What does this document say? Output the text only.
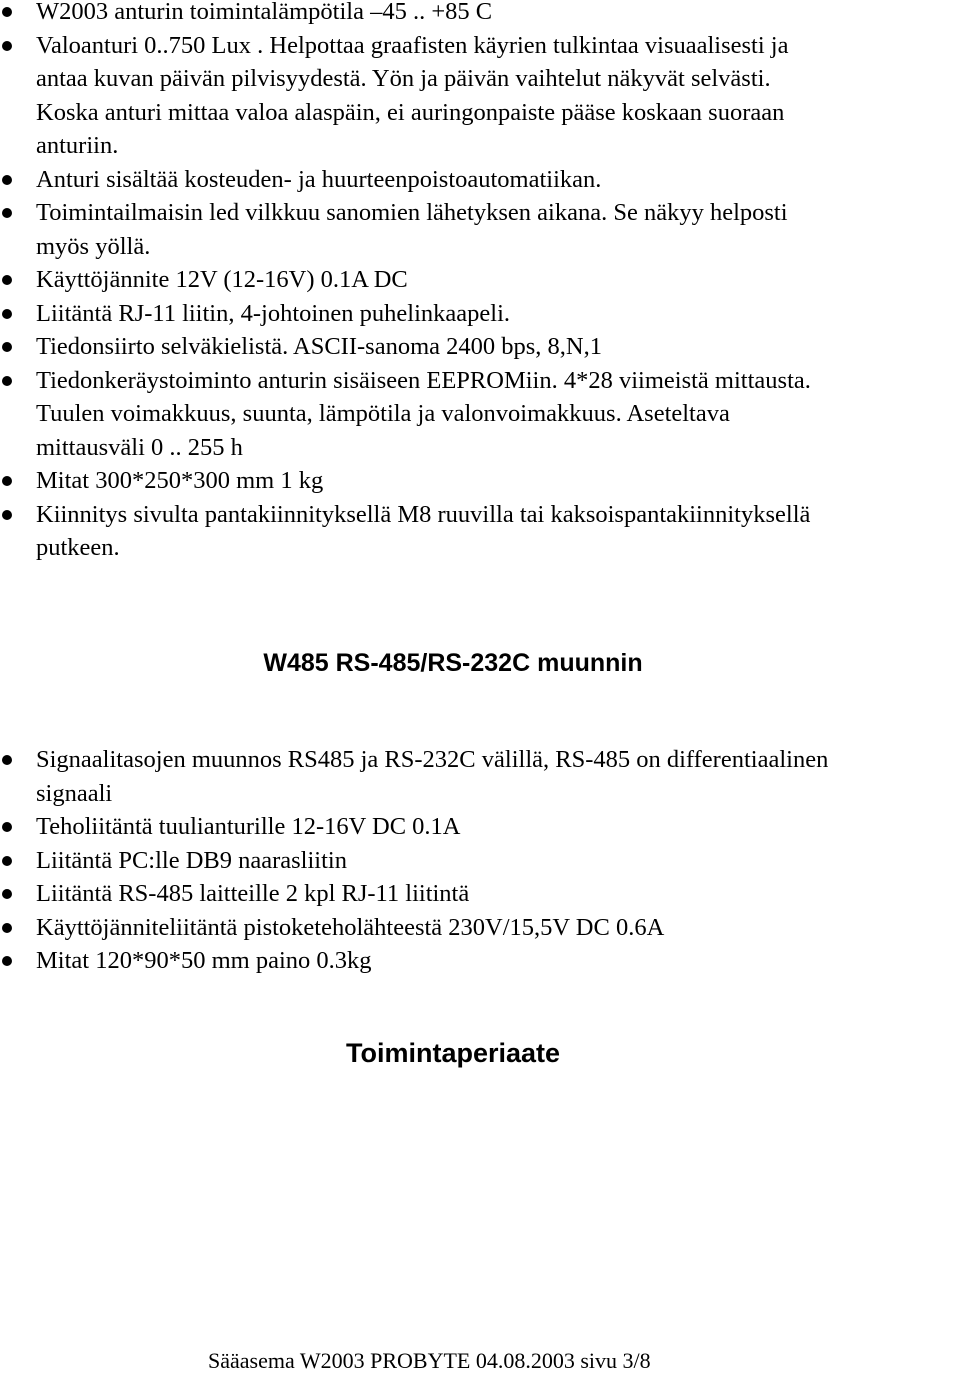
W2003 anturin toimintalämpötila –45 .. +85 C
Valoanturi 0..750 Lux . Helpottaa graafisten käyrien tulkintaa visuaalisesti ja
antaa kuvan päivän pilvisyydestä. Yön ja päivän vaihtelut näkyvät selvästi.
Koska anturi mittaa valoa alaspäin, ei auringonpaiste pääse koskaan suoraan
anturiin.
Anturi sisältää kosteuden- ja huurteenpoistoautomatiikan.
Toimintailmaisin led vilkkuu sanomien lähetyksen aikana. Se näkyy helposti
myös yöllä.
Käyttöjännite 12V (12-16V) 0.1A DC
Liitäntä RJ-11 liitin, 4-johtoinen puhelinkaapeli.
Tiedonsiirto selväkielistä. ASCII-sanoma 2400 bps, 8,N,1
Tiedonkeräystoiminto anturin sisäiseen EEPROMiin. 4*28 viimeistä mittausta.
Tuulen voimakkuus, suunta, lämpötila ja valonvoimakkuus. Aseteltava
mittausväli 0 .. 255 h
Mitat 300*250*300 mm 1 kg
Kiinnitys sivulta pantakiinnityksellä M8 ruuvilla tai kaksoispantakiinnityksellä
putkeen.
W485 RS-485/RS-232C muunnin
Signaalitasojen muunnos RS485 ja RS-232C välillä, RS-485 on differentiaalinen
signaali
Teholiitäntä tuulianturille 12-16V DC 0.1A
Liitäntä PC:lle DB9 naarasliitin
Liitäntä RS-485 laitteille 2 kpl RJ-11 liitintä
Käyttöjänniteliitäntä pistoketeholähteestä 230V/15,5V DC 0.6A
Mitat 120*90*50 mm paino 0.3kg
Toimintaperiaate
Sääasema W2003 PROBYTE 04.08.2003 sivu 3/8
